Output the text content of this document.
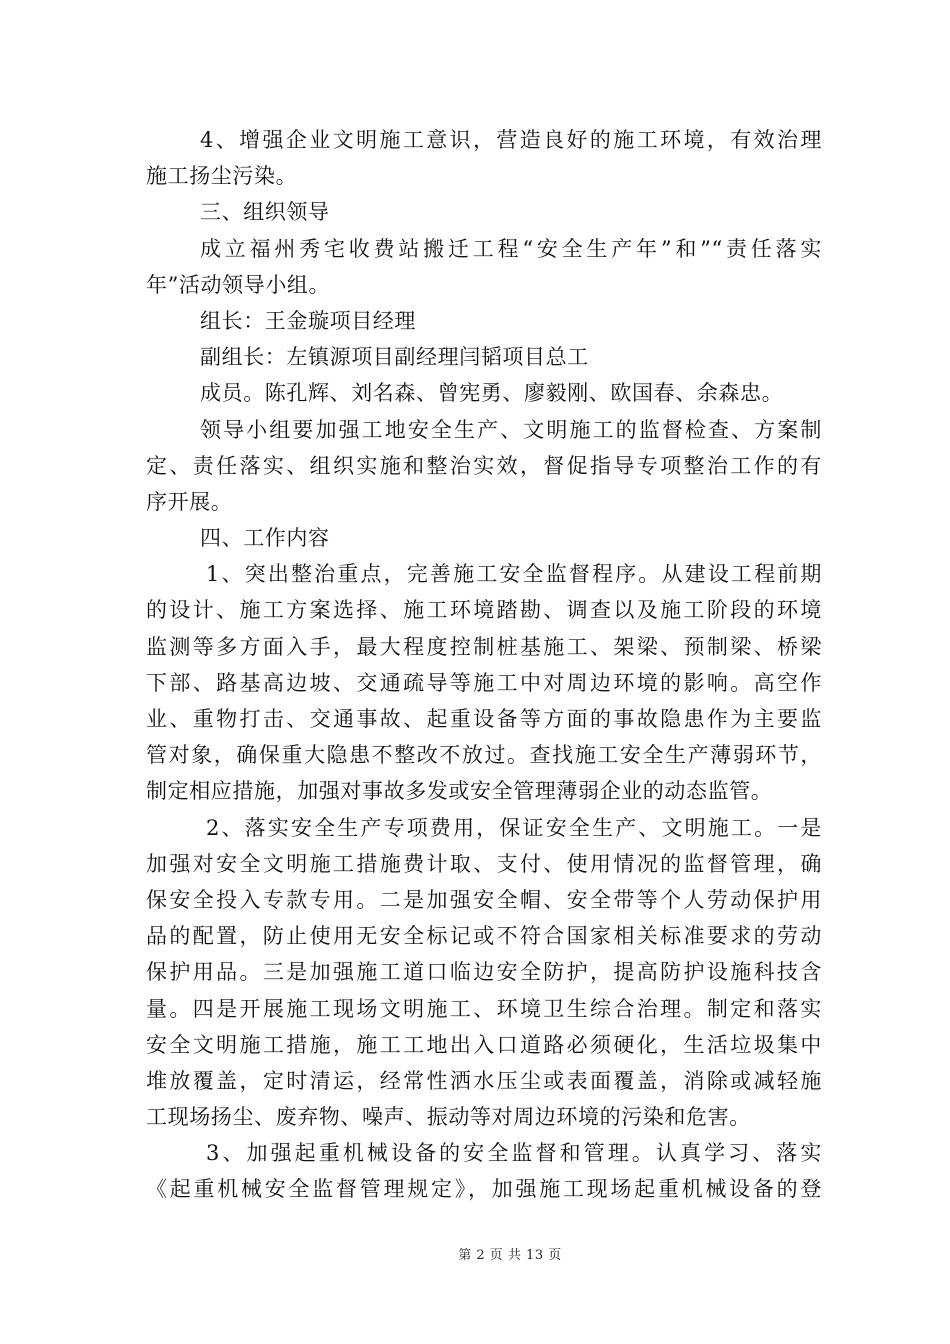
4、增强企业文明施工意识，营造良好的施工环境，有效治理
施工扬尘污染。
三、组织领导
成立福州秀宅收费站搬迁工程“安全生产年”和”“责任落实
年”活动领导小组。
组长：王金璇项目经理
副组长：左镇源项目副经理闫韬项目总工
成员。陈孔辉、刘名森、曾宪勇、廖毅刚、欧国春、余森忠。
领导小组要加强工地安全生产、文明施工的监督检查、方案制
定、责任落实、组织实施和整治实效，督促指导专项整治工作的有
序开展。
四、工作内容
1、突出整治重点，完善施工安全监督程序。从建设工程前期
的设计、施工方案选择、施工环境踏勘、调查以及施工阶段的环境
监测等多方面入手，最大程度控制桩基施工、架梁、预制梁、桥梁
下部、路基高边坡、交通疏导等施工中对周边环境的影响。高空作
业、重物打击、交通事故、起重设备等方面的事故隐患作为主要监
管对象，确保重大隐患不整改不放过。查找施工安全生产薄弱环节，
制定相应措施，加强对事故多发或安全管理薄弱企业的动态监管。
2、落实安全生产专项费用，保证安全生产、文明施工。一是
加强对安全文明施工措施费计取、支付、使用情况的监督管理，确
保安全投入专款专用。二是加强安全帽、安全带等个人劳动保护用
品的配置，防止使用无安全标记或不符合国家相关标准要求的劳动
保护用品。三是加强施工道口临边安全防护，提高防护设施科技含
量。四是开展施工现场文明施工、环境卫生综合治理。制定和落实
安全文明施工措施，施工工地出入口道路必须硬化，生活垃圾集中
堆放覆盖，定时清运，经常性洒水压尘或表面覆盖，消除或减轻施
工现场扬尘、废弃物、噪声、振动等对周边环境的污染和危害。
3、加强起重机械设备的安全监督和管理。认真学习、落实
《起重机械安全监督管理规定》，加强施工现场起重机械设备的登
第 2 页 共 13 页
